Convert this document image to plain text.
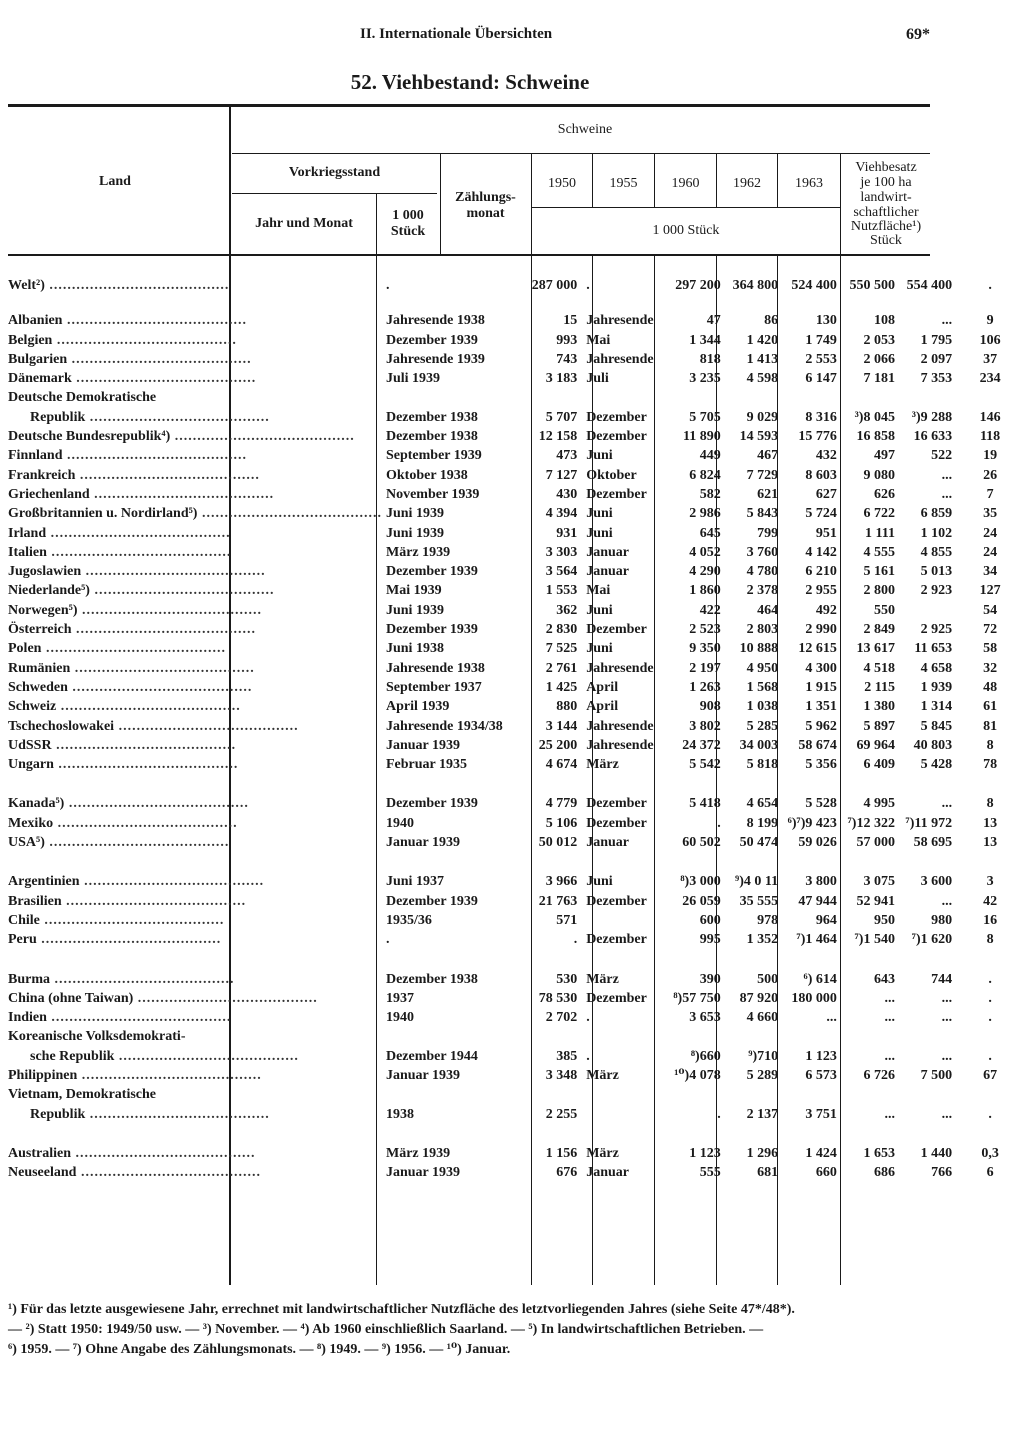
II. Internationale Übersichten	69*
52. Viehbestand: Schweine
Land
Schweine
Vorkriegsstand
Jahr und Monat
1 000
Stück
Zählungs-
monat
1950	1955	1960	1962	1963
1 000 Stück
Viehbesatz
je 100 ha
landwirt-
schaftlicher
Nutzfläche¹)
Stück
Welt²) ........................................	.	287 000	.	297 200	364 800	524 400	550 500	554 400	.

Albanien ........................................	Jahresende 1938	15	Jahresende	47	86	130	108	...	9
Belgien ........................................	Dezember 1939	993	Mai	1 344	1 420	1 749	2 053	1 795	106
Bulgarien ........................................	Jahresende 1939	743	Jahresende	818	1 413	2 553	2 066	2 097	37
Dänemark ........................................	Juli 1939	3 183	Juli	3 235	4 598	6 147	7 181	7 353	234
Deutsche Demokratische									
Republik ........................................	Dezember 1938	5 707	Dezember	5 705	9 029	8 316	³)8 045	³)9 288	146
Deutsche Bundesrepublik⁴) ........................................	Dezember 1938	12 158	Dezember	11 890	14 593	15 776	16 858	16 633	118
Finnland ........................................	September 1939	473	Juni	449	467	432	497	522	19
Frankreich ........................................	Oktober 1938	7 127	Oktober	6 824	7 729	8 603	9 080	...	26
Griechenland ........................................	November 1939	430	Dezember	582	621	627	626	...	7
Großbritannien u. Nordirland⁵) ........................................	Juni 1939	4 394	Juni	2 986	5 843	5 724	6 722	6 859	35
Irland ........................................	Juni 1939	931	Juni	645	799	951	1 111	1 102	24
Italien ........................................	März 1939	3 303	Januar	4 052	3 760	4 142	4 555	4 855	24
Jugoslawien ........................................	Dezember 1939	3 564	Januar	4 290	4 780	6 210	5 161	5 013	34
Niederlande⁵) ........................................	Mai 1939	1 553	Mai	1 860	2 378	2 955	2 800	2 923	127
Norwegen⁵) ........................................	Juni 1939	362	Juni	422	464	492	550		54
Österreich ........................................	Dezember 1939	2 830	Dezember	2 523	2 803	2 990	2 849	2 925	72
Polen ........................................	Juni 1938	7 525	Juni	9 350	10 888	12 615	13 617	11 653	58
Rumänien ........................................	Jahresende 1938	2 761	Jahresende	2 197	4 950	4 300	4 518	4 658	32
Schweden ........................................	September 1937	1 425	April	1 263	1 568	1 915	2 115	1 939	48
Schweiz ........................................	April 1939	880	April	908	1 038	1 351	1 380	1 314	61
Tschechoslowakei ........................................	Jahresende 1934/38	3 144	Jahresende	3 802	5 285	5 962	5 897	5 845	81
UdSSR ........................................	Januar 1939	25 200	Jahresende	24 372	34 003	58 674	69 964	40 803	8
Ungarn ........................................	Februar 1935	4 674	März	5 542	5 818	5 356	6 409	5 428	78

Kanada⁵) ........................................	Dezember 1939	4 779	Dezember	5 418	4 654	5 528	4 995	...	8
Mexiko ........................................	1940	5 106	Dezember	.	8 199	⁶)⁷)9 423	⁷)12 322	⁷)11 972	13
USA⁵) ........................................	Januar 1939	50 012	Januar	60 502	50 474	59 026	57 000	58 695	13

Argentinien ........................................	Juni 1937	3 966	Juni	⁸)3 000	⁹)4 0 11	3 800	3 075	3 600	3
Brasilien ........................................	Dezember 1939	21 763	Dezember	26 059	35 555	47 944	52 941	...	42
Chile ........................................	1935/36	571		600	978	964	950	980	16
Peru ........................................	.	.	Dezember	995	1 352	⁷)1 464	⁷)1 540	⁷)1 620	8

Burma ........................................	Dezember 1938	530	März	390	500	⁶) 614	643	744	.
China (ohne Taiwan) ........................................	1937	78 530	Dezember	⁸)57 750	87 920	180 000	...	...	.
Indien ........................................	1940	2 702	.	3 653	4 660	...	...	...	.
Koreanische Volksdemokrati-									
sche Republik ........................................	Dezember 1944	385	.	⁸)660	⁹)710	1 123	...	...	.
Philippinen ........................................	Januar 1939	3 348	März	¹⁰)4 078	5 289	6 573	6 726	7 500	67
Vietnam, Demokratische									
Republik ........................................	1938	2 255		.	2 137	3 751	...	...	.

Australien ........................................	März 1939	1 156	März	1 123	1 296	1 424	1 653	1 440	0,3
Neuseeland ........................................	Januar 1939	676	Januar	555	681	660	686	766	6

¹) Für das letzte ausgewiesene Jahr, errechnet mit landwirtschaftlicher Nutzfläche des letztvorliegenden Jahres (siehe Seite 47*/48*).

— ²) Statt 1950: 1949/50 usw. — ³) November. — ⁴) Ab 1960 einschließlich Saarland. — ⁵) In landwirtschaftlichen Betrieben. —

⁶) 1959. — ⁷) Ohne Angabe des Zählungsmonats. — ⁸) 1949. — ⁹) 1956. — ¹⁰) Januar.
